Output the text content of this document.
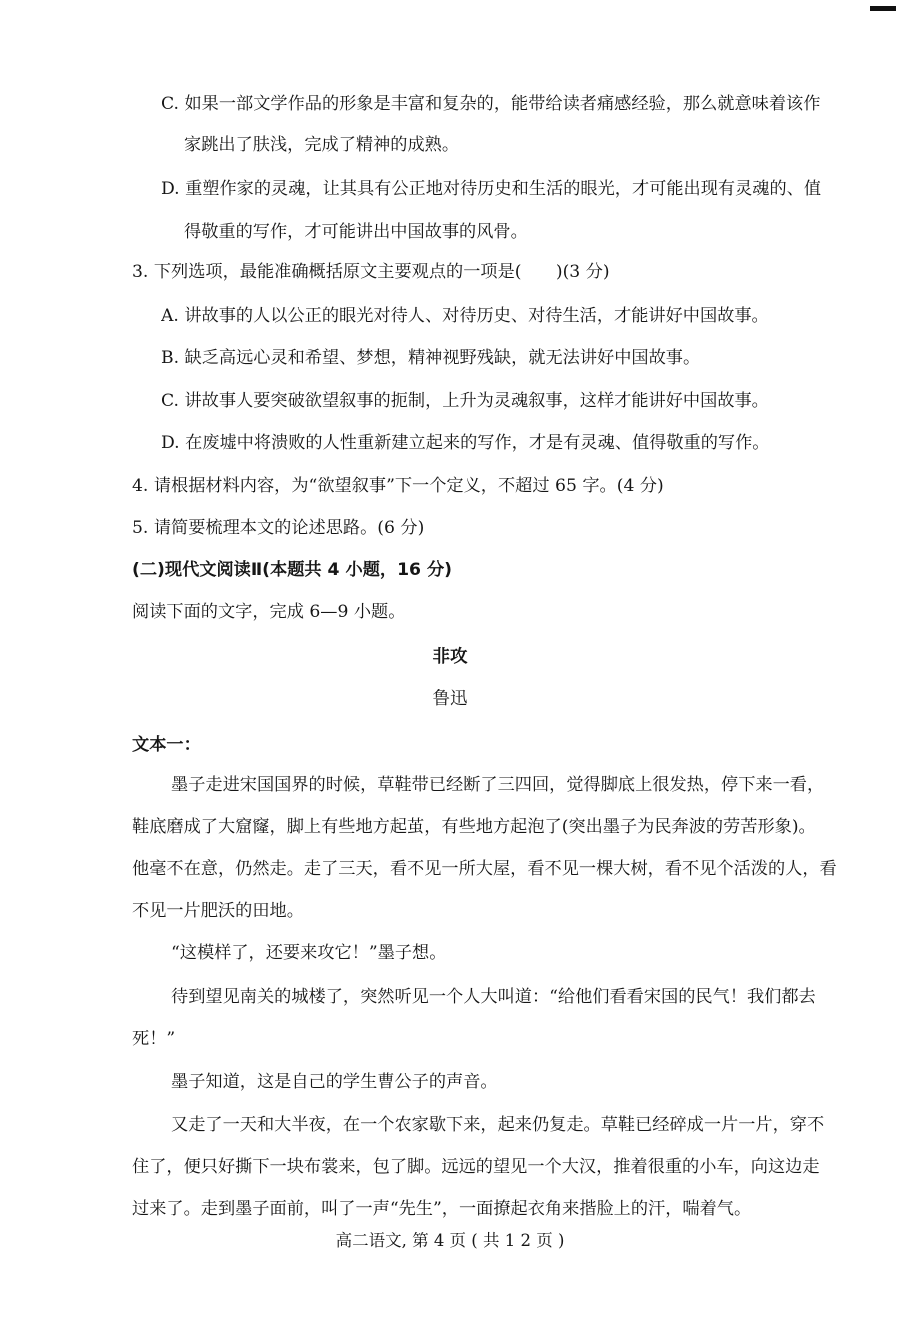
C. 如果一部文学作品的形象是丰富和复杂的，能带给读者痛感经验，那么就意味着该作
家跳出了肤浅，完成了精神的成熟。
D. 重塑作家的灵魂，让其具有公正地对待历史和生活的眼光，才可能出现有灵魂的、值
得敬重的写作，才可能讲出中国故事的风骨。
3. 下列选项，最能准确概括原文主要观点的一项是(　　)(3 分)
A. 讲故事的人以公正的眼光对待人、对待历史、对待生活，才能讲好中国故事。
B. 缺乏高远心灵和希望、梦想，精神视野残缺，就无法讲好中国故事。
C. 讲故事人要突破欲望叙事的扼制，上升为灵魂叙事，这样才能讲好中国故事。
D. 在废墟中将溃败的人性重新建立起来的写作，才是有灵魂、值得敬重的写作。
4. 请根据材料内容，为“欲望叙事”下一个定义，不超过 65 字。(4 分)
5. 请简要梳理本文的论述思路。(6 分)
(二)现代文阅读Ⅱ(本题共 4 小题，16 分)
阅读下面的文字，完成 6—9 小题。
非攻
鲁迅
文本一：
墨子走进宋国国界的时候，草鞋带已经断了三四回，觉得脚底上很发热，停下来一看，
鞋底磨成了大窟窿，脚上有些地方起茧，有些地方起泡了(突出墨子为民奔波的劳苦形象)。
他毫不在意，仍然走。走了三天，看不见一所大屋，看不见一棵大树，看不见个活泼的人，看
不见一片肥沃的田地。
“这模样了，还要来攻它！”墨子想。
待到望见南关的城楼了，突然听见一个人大叫道：“给他们看看宋国的民气！我们都去
死！”
墨子知道，这是自己的学生曹公子的声音。
又走了一天和大半夜，在一个农家歇下来，起来仍复走。草鞋已经碎成一片一片，穿不
住了，便只好撕下一块布裳来，包了脚。远远的望见一个大汉，推着很重的小车，向这边走
过来了。走到墨子面前，叫了一声“先生”，一面撩起衣角来揩脸上的汗，喘着气。
高二语文, 第 4 页 ( 共 1 2 页 )
